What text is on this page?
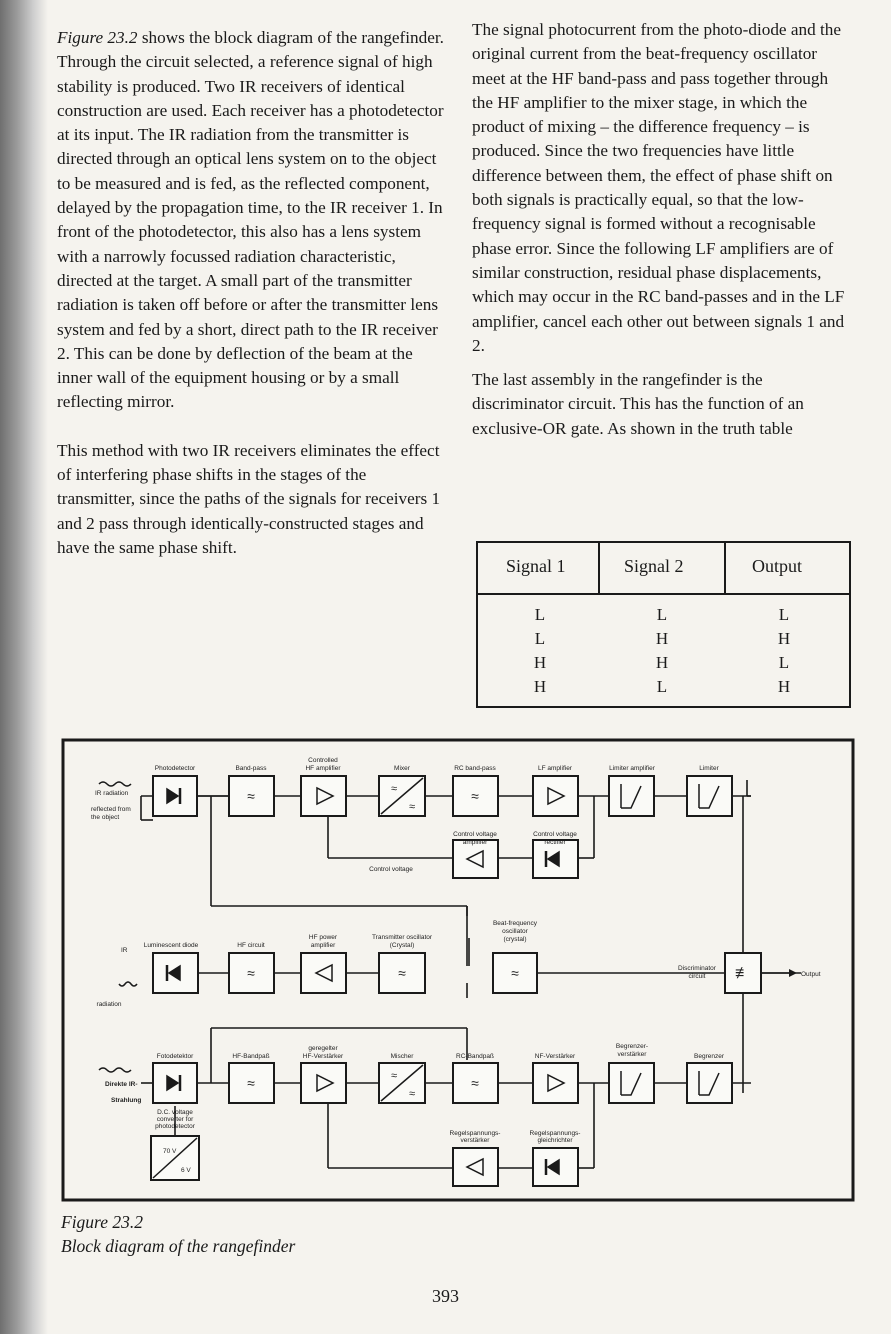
Figure 23.2 shows the block diagram of the rangefinder. Through the circuit selected, a reference signal of high stability is produced. Two IR receivers of identical construction are used. Each receiver has a photodetector at its input. The IR radiation from the transmitter is directed through an optical lens system on to the object to be measured and is fed, as the reflected component, delayed by the propagation time, to the IR receiver 1. In front of the photodetector, this also has a lens system with a narrowly focussed radiation characteristic, directed at the target. A small part of the transmitter radiation is taken off before or after the transmitter lens system and fed by a short, direct path to the IR receiver 2. This can be done by deflection of the beam at the inner wall of the equipment housing or by a small reflecting mirror.

This method with two IR receivers eliminates the effect of interfering phase shifts in the stages of the transmitter, since the paths of the signals for receivers 1 and 2 pass through identically-constructed stages and have the same phase shift.

The signal photocurrent from the photo-diode and the original current from the beat-frequency oscillator meet at the HF band-pass and pass together through the HF amplifier to the mixer stage, in which the product of mixing – the difference frequency – is produced. Since the two frequencies have little difference between them, the effect of phase shift on both signals is practically equal, so that the low-frequency signal is formed without a recognisable phase error. Since the following LF amplifiers are of similar construction, residual phase displacements, which may occur in the RC band-passes and in the LF amplifier, cancel each other out between signals 1 and 2.

The last assembly in the rangefinder is the discriminator circuit. This has the function of an exclusive-OR gate. As shown in the truth table

Signal 1	Signal 2	Output
L	L	L
L	H	H
H	H	L
H	L	H
≈	≈
≈	≈	≈
≈	≈
≈
≈
≈
≈
≢
Photodetector	Band-pass
Controlled
HF amplifier	Mixer	RC band-pass	LF amplifier	Limiter amplifier	Limiter
Control voltage
amplifier
Control voltage
rectifier
Control voltage
Beat-frequency
oscillator
(crystal)
Luminescent diode	HF circuit
HF power
amplifier
Transmitter oscillator
(Crystal)
radiation
Discriminator
circuit
Fotodetektor	HF-Bandpaß
geregelter
HF-Verstärker	Mischer	RC-Bandpaß	NF-Verstärker
Begrenzer-
verstärker	Begrenzer
D.C. voltage
converter for
photodetector
Regelspannungs-
verstärker
Regelspannungs-
gleichrichter
IR radiation
reflected from
the object
IR
Output
Direkte IR-
Strahlung
70 V
6 V
Figure 23.2
Block diagram of the rangefinder
393
